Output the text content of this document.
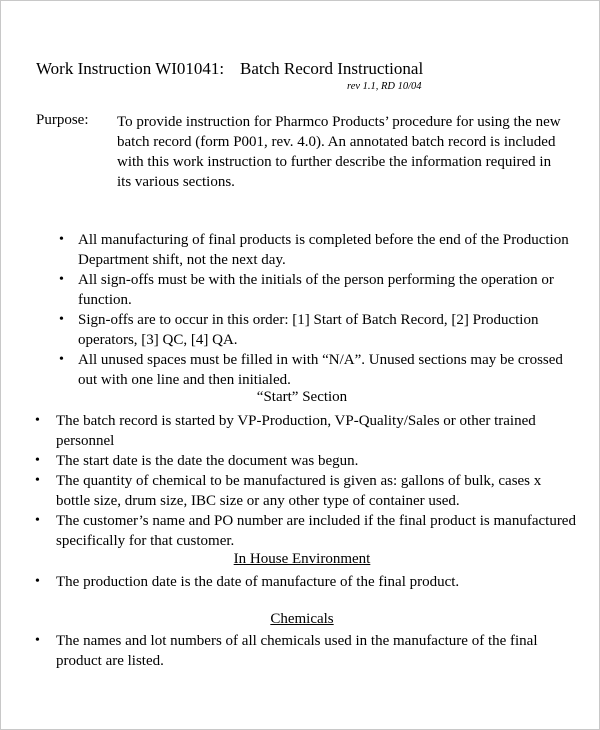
Work Instruction WI01041: Batch Record Instructional
rev 1.1, RD 10/04
Purpose: To provide instruction for Pharmco Products’ procedure for using the new batch record (form P001, rev. 4.0). An annotated batch record is included with this work instruction to further describe the information required in its various sections.
• All manufacturing of final products is completed before the end of the Production Department shift, not the next day.
• All sign-offs must be with the initials of the person performing the operation or function.
• Sign-offs are to occur in this order: [1] Start of Batch Record, [2] Production operators, [3] QC, [4] QA.
• All unused spaces must be filled in with “N/A”. Unused sections may be crossed out with one line and then initialed.
“Start” Section
• The batch record is started by VP-Production, VP-Quality/Sales or other trained personnel
• The start date is the date the document was begun.
• The quantity of chemical to be manufactured is given as: gallons of bulk, cases x bottle size, drum size, IBC size or any other type of container used.
• The customer’s name and PO number are included if the final product is manufactured specifically for that customer.
In House Environment
• The production date is the date of manufacture of the final product.
Chemicals
• The names and lot numbers of all chemicals used in the manufacture of the final product are listed.
